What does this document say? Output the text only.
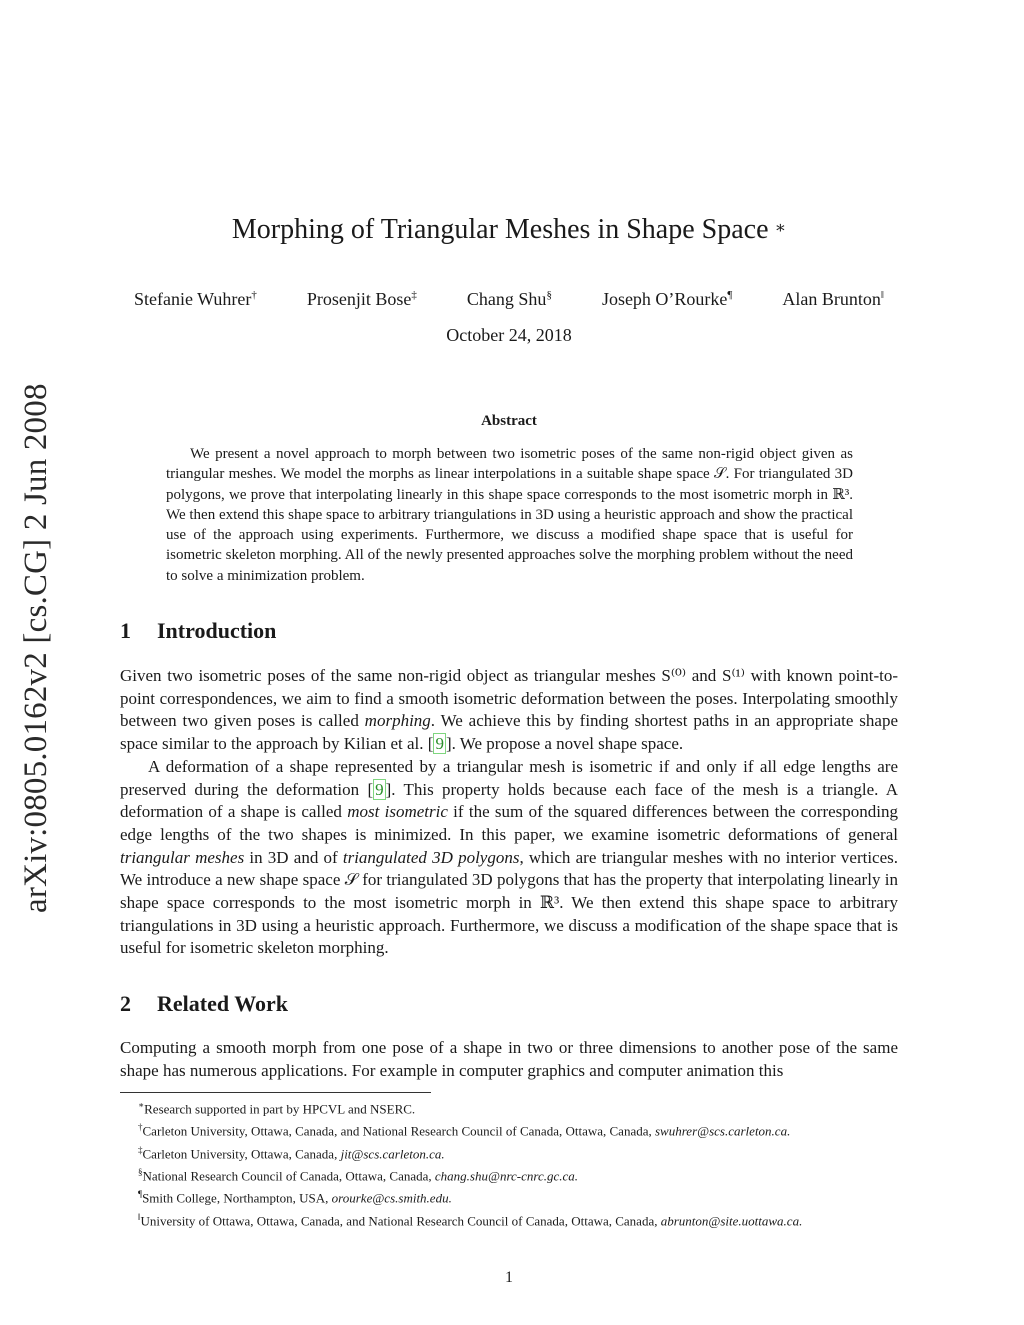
arXiv:0805.0162v2 [cs.CG] 2 Jun 2008
Morphing of Triangular Meshes in Shape Space ∗
Stefanie Wuhrer†	Prosenjit Bose‡	Chang Shu§	Joseph O’Rourke¶	Alan Brunton‖
October 24, 2018
Abstract

We present a novel approach to morph between two isometric poses of the same non-rigid object given as triangular meshes. We model the morphs as linear interpolations in a suitable shape space 𝒮. For triangulated 3D polygons, we prove that interpolating linearly in this shape space corresponds to the most isometric morph in ℝ³. We then extend this shape space to arbitrary triangulations in 3D using a heuristic approach and show the practical use of the approach using experiments. Furthermore, we discuss a modified shape space that is useful for isometric skeleton morphing. All of the newly presented approaches solve the morphing problem without the need to solve a minimization problem.

1 Introduction

Given two isometric poses of the same non-rigid object as triangular meshes S⁽⁰⁾ and S⁽¹⁾ with known point-to-point correspondences, we aim to find a smooth isometric deformation between the poses. Interpolating smoothly between two given poses is called morphing. We achieve this by finding shortest paths in an appropriate shape space similar to the approach by Kilian et al. [ 9 ]. We propose a novel shape space.

A deformation of a shape represented by a triangular mesh is isometric if and only if all edge lengths are preserved during the deformation [ 9 ]. This property holds because each face of the mesh is a triangle. A deformation of a shape is called most isometric if the sum of the squared differences between the corresponding edge lengths of the two shapes is minimized. In this paper, we examine isometric deformations of general triangular meshes in 3D and of triangulated 3D polygons, which are triangular meshes with no interior vertices. We introduce a new shape space 𝒮 for triangulated 3D polygons that has the property that interpolating linearly in shape space corresponds to the most isometric morph in ℝ³. We then extend this shape space to arbitrary triangulations in 3D using a heuristic approach. Furthermore, we discuss a modification of the shape space that is useful for isometric skeleton morphing.

2 Related Work

Computing a smooth morph from one pose of a shape in two or three dimensions to another pose of the same shape has numerous applications. For example in computer graphics and computer animation this

∗Research supported in part by HPCVL and NSERC.
†Carleton University, Ottawa, Canada, and National Research Council of Canada, Ottawa, Canada, swuhrer@scs.carleton.ca.
‡Carleton University, Ottawa, Canada, jit@scs.carleton.ca.
§National Research Council of Canada, Ottawa, Canada, chang.shu@nrc-cnrc.gc.ca.
¶Smith College, Northampton, USA, orourke@cs.smith.edu.
‖University of Ottawa, Ottawa, Canada, and National Research Council of Canada, Ottawa, Canada, abrunton@site.uottawa.ca.
1
